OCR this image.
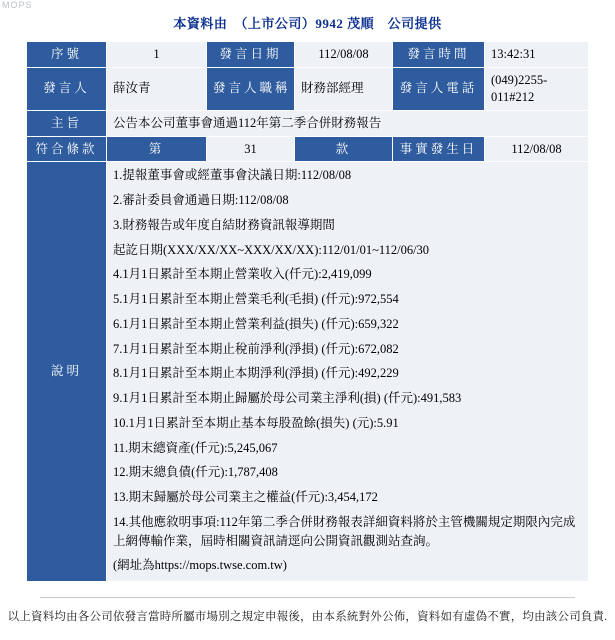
MOPS
本資料由　（上市公司）9942 茂順　公司提供
序號	1	發言日期	112/08/08	發言時間	13:42:31
發言人	薛汝青	發言人職稱	財務部經理	發言人電話	(049)2255-011#212
主旨	公告本公司董事會通過112年第二季合併財務報告				
符合條款	第	31	款	事實發生日	112/08/08
說明	

1.提報董事會或經董事會決議日期:112/08/08

2.審計委員會通過日期:112/08/08

3.財務報告或年度自結財務資訊報導期間

起訖日期(XXX/XX/XX~XXX/XX/XX):112/01/01~112/06/30

4.1月1日累計至本期止營業收入(仟元):2,419,099

5.1月1日累計至本期止營業毛利(毛損) (仟元):972,554

6.1月1日累計至本期止營業利益(損失) (仟元):659,322

7.1月1日累計至本期止稅前淨利(淨損) (仟元):672,082

8.1月1日累計至本期止本期淨利(淨損) (仟元):492,229

9.1月1日累計至本期止歸屬於母公司業主淨利(損) (仟元):491,583

10.1月1日累計至本期止基本每股盈餘(損失) (元):5.91

11.期末總資產(仟元):5,245,067

12.期末總負債(仟元):1,787,408

13.期末歸屬於母公司業主之權益(仟元):3,454,172

14.其他應敘明事項:112年第二季合併財務報表詳細資料將於主管機關規定期限內完成上網傳輸作業，屆時相關資訊請逕向公開資訊觀測站查詢。

(網址為https://mops.twse.com.tw)

以上資料均由各公司依發言當時所屬市場別之規定申報後，由本系統對外公佈，資料如有虛偽不實，均由該公司負責.
